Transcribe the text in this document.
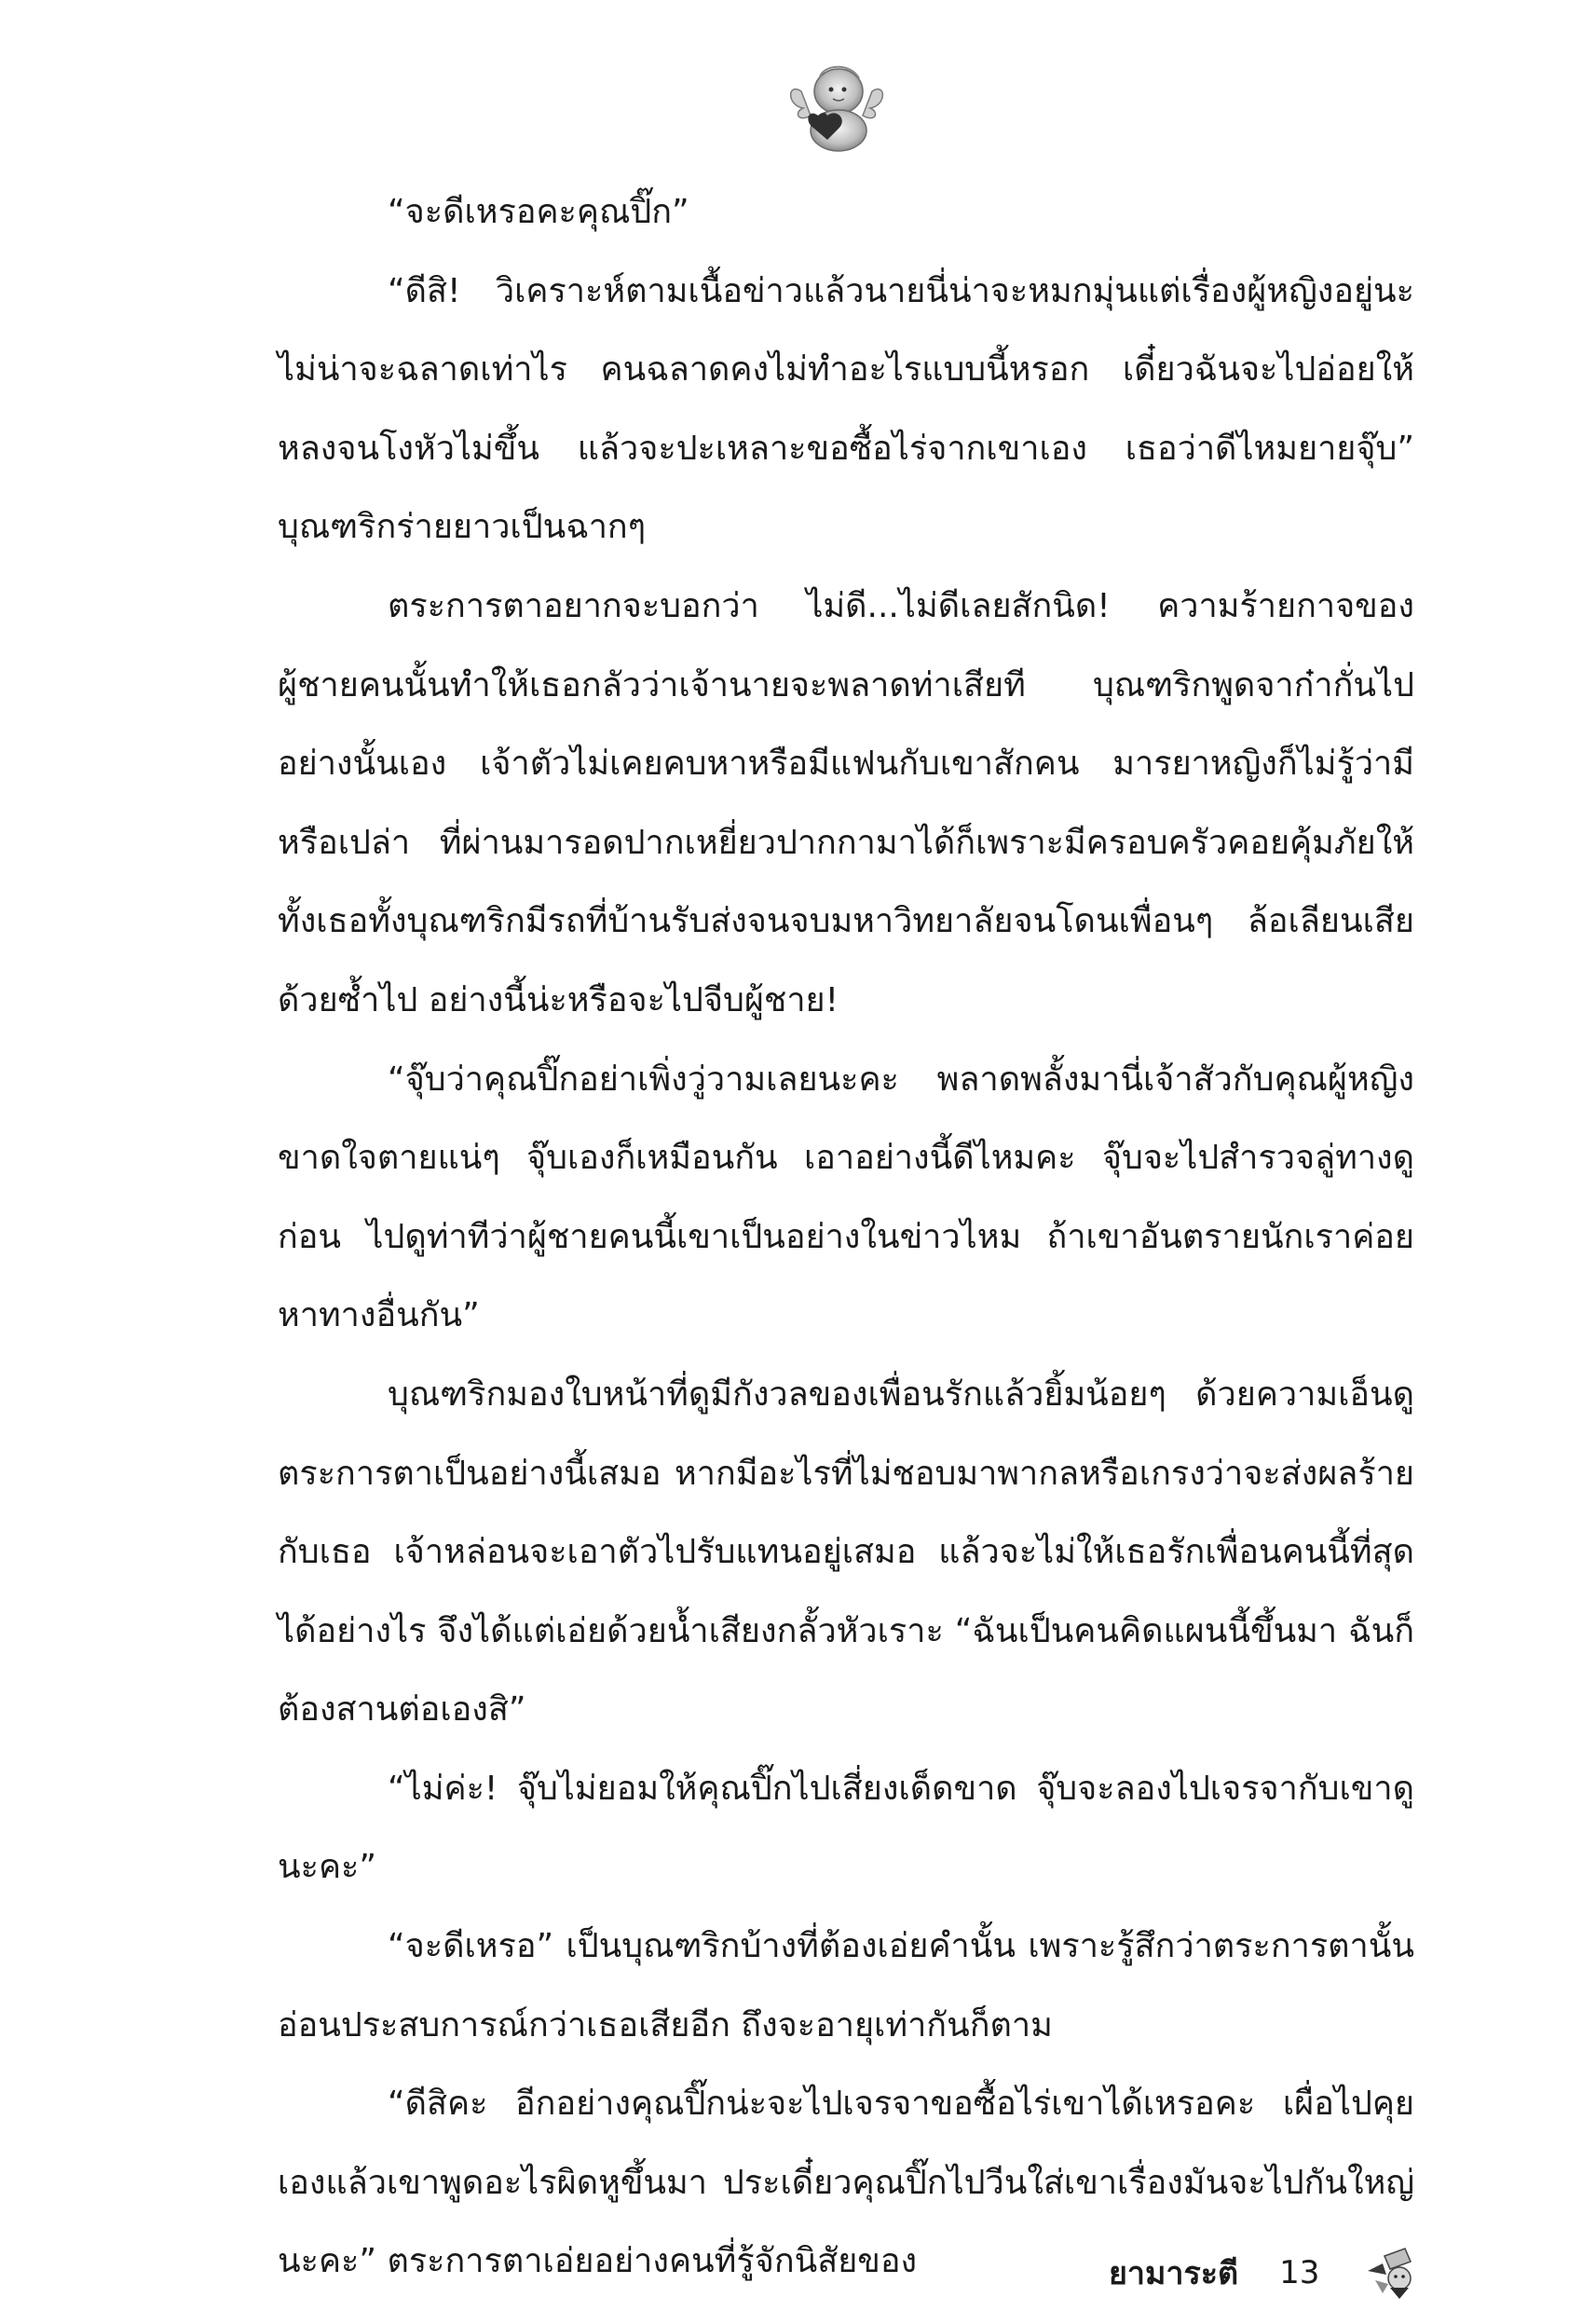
“จะดีเหรอคะคุณปิ๊ก”

“ดีสิ! วิเคราะห์ตามเนื้อข่าวแล้วนายนี่น่าจะหมกมุ่นแต่เรื่องผู้หญิงอยู่นะ ไม่น่าจะฉลาดเท่าไร คนฉลาดคงไม่ทำอะไรแบบนี้หรอก เดี๋ยวฉันจะไปอ่อยให้หลงจนโงหัวไม่ขึ้น แล้วจะปะเหลาะขอซื้อไร่จากเขาเอง เธอว่าดีไหมยายจุ๊บ” บุณฑริกร่ายยาวเป็นฉากๆ

ตระการตาอยากจะบอกว่า ไม่ดี...ไม่ดีเลยสักนิด! ความร้ายกาจของผู้ชายคนนั้นทำให้เธอกลัวว่าเจ้านายจะพลาดท่าเสียที บุณฑริกพูดจาก๋ากั่นไปอย่างนั้นเอง เจ้าตัวไม่เคยคบหาหรือมีแฟนกับเขาสักคน มารยาหญิงก็ไม่รู้ว่ามีหรือเปล่า ที่ผ่านมารอดปากเหยี่ยวปากกามาได้ก็เพราะมีครอบครัวคอยคุ้มภัยให้ ทั้งเธอทั้งบุณฑริกมีรถที่บ้านรับส่งจนจบมหาวิทยาลัยจนโดนเพื่อนๆ ล้อเลียนเสียด้วยซ้ำไป อย่างนี้น่ะหรือจะไปจีบผู้ชาย!

“จุ๊บว่าคุณปิ๊กอย่าเพิ่งวู่วามเลยนะคะ พลาดพลั้งมานี่เจ้าสัวกับคุณผู้หญิงขาดใจตายแน่ๆ จุ๊บเองก็เหมือนกัน เอาอย่างนี้ดีไหมคะ จุ๊บจะไปสำรวจลู่ทางดูก่อน ไปดูท่าทีว่าผู้ชายคนนี้เขาเป็นอย่างในข่าวไหม ถ้าเขาอันตรายนักเราค่อยหาทางอื่นกัน”

บุณฑริกมองใบหน้าที่ดูมีกังวลของเพื่อนรักแล้วยิ้มน้อยๆ ด้วยความเอ็นดู ตระการตาเป็นอย่างนี้เสมอ หากมีอะไรที่ไม่ชอบมาพากลหรือเกรงว่าจะส่งผลร้ายกับเธอ เจ้าหล่อนจะเอาตัวไปรับแทนอยู่เสมอ แล้วจะไม่ให้เธอรักเพื่อนคนนี้ที่สุดได้อย่างไร จึงได้แต่เอ่ยด้วยน้ำเสียงกลั้วหัวเราะ “ฉันเป็นคนคิดแผนนี้ขึ้นมา ฉันก็ต้องสานต่อเองสิ”

“ไม่ค่ะ! จุ๊บไม่ยอมให้คุณปิ๊กไปเสี่ยงเด็ดขาด จุ๊บจะลองไปเจรจากับเขาดูนะคะ”

“จะดีเหรอ” เป็นบุณฑริกบ้างที่ต้องเอ่ยคำนั้น เพราะรู้สึกว่าตระการตานั้นอ่อนประสบการณ์กว่าเธอเสียอีก ถึงจะอายุเท่ากันก็ตาม

“ดีสิคะ อีกอย่างคุณปิ๊กน่ะจะไปเจรจาขอซื้อไร่เขาได้เหรอคะ เผื่อไปคุยเองแล้วเขาพูดอะไรผิดหูขึ้นมา ประเดี๋ยวคุณปิ๊กไปวีนใส่เขาเรื่องมันจะไปกันใหญ่นะคะ” ตระการตาเอ่ยอย่างคนที่รู้จักนิสัยของ	ยามาระตี 13
